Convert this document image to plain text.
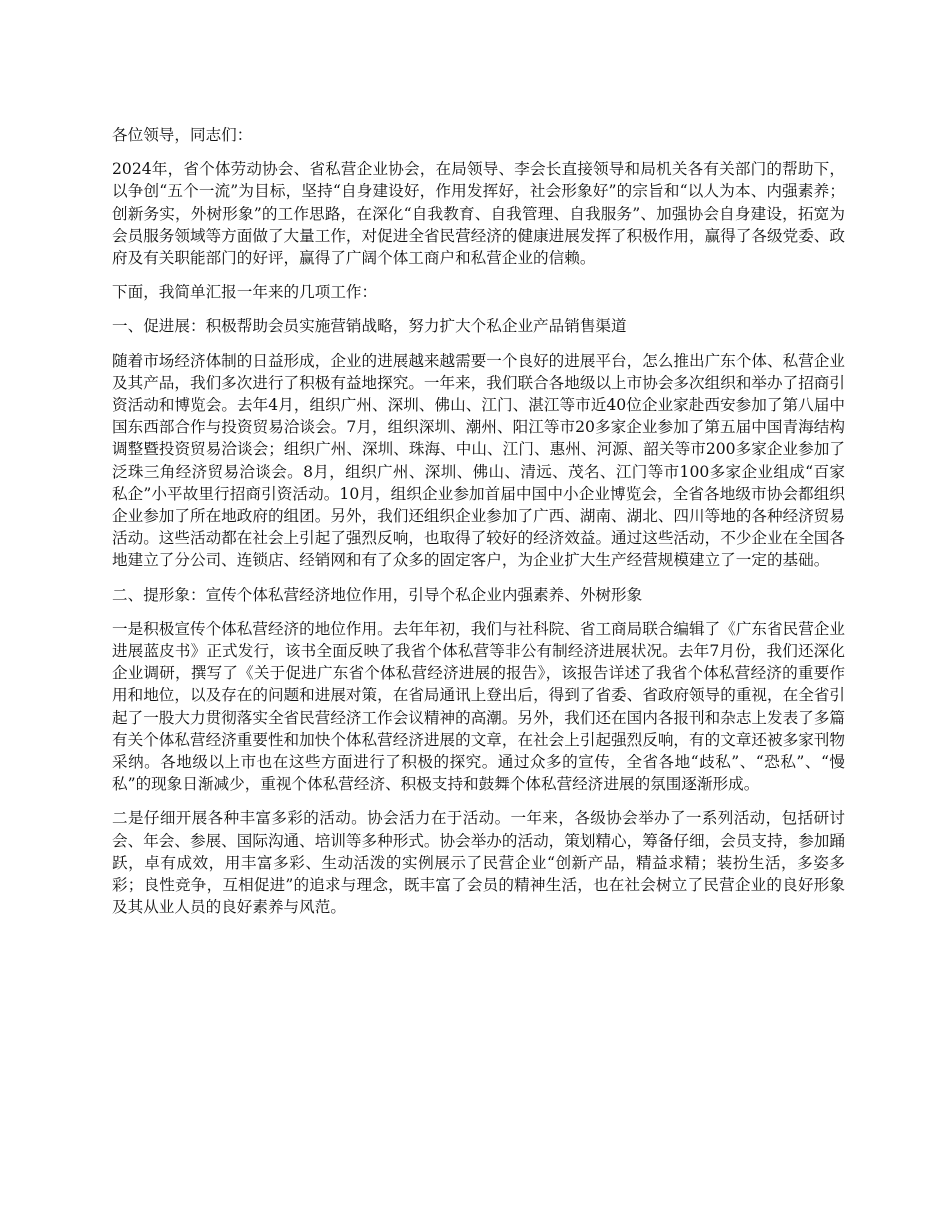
各位领导，同志们：

2024年，省个体劳动协会、省私营企业协会，在局领导、李会长直接领导和局机关各有关部门的帮助下，以争创“五个一流”为目标，坚持“自身建设好，作用发挥好，社会形象好”的宗旨和“以人为本、内强素养；创新务实，外树形象”的工作思路，在深化“自我教育、自我管理、自我服务”、加强协会自身建设，拓宽为会员服务领域等方面做了大量工作，对促进全省民营经济的健康进展发挥了积极作用，赢得了各级党委、政府及有关职能部门的好评，赢得了广阔个体工商户和私营企业的信赖。

下面，我简单汇报一年来的几项工作：

一、促进展：积极帮助会员实施营销战略，努力扩大个私企业产品销售渠道

随着市场经济体制的日益形成，企业的进展越来越需要一个良好的进展平台，怎么推出广东个体、私营企业及其产品，我们多次进行了积极有益地探究。一年来，我们联合各地级以上市协会多次组织和举办了招商引资活动和博览会。去年4月，组织广州、深圳、佛山、江门、湛江等市近40位企业家赴西安参加了第八届中国东西部合作与投资贸易洽谈会。7月，组织深圳、潮州、阳江等市20多家企业参加了第五届中国青海结构调整暨投资贸易洽谈会；组织广州、深圳、珠海、中山、江门、惠州、河源、韶关等市200多家企业参加了泛珠三角经济贸易洽谈会。8月，组织广州、深圳、佛山、清远、茂名、江门等市100多家企业组成“百家私企”小平故里行招商引资活动。10月，组织企业参加首届中国中小企业博览会，全省各地级市协会都组织企业参加了所在地政府的组团。另外，我们还组织企业参加了广西、湖南、湖北、四川等地的各种经济贸易活动。这些活动都在社会上引起了强烈反响，也取得了较好的经济效益。通过这些活动，不少企业在全国各地建立了分公司、连锁店、经销网和有了众多的固定客户，为企业扩大生产经营规模建立了一定的基础。

二、提形象：宣传个体私营经济地位作用，引导个私企业内强素养、外树形象

一是积极宣传个体私营经济的地位作用。去年年初，我们与社科院、省工商局联合编辑了《广东省民营企业进展蓝皮书》正式发行，该书全面反映了我省个体私营等非公有制经济进展状况。去年7月份，我们还深化企业调研，撰写了《关于促进广东省个体私营经济进展的报告》，该报告详述了我省个体私营经济的重要作用和地位，以及存在的问题和进展对策，在省局通讯上登出后，得到了省委、省政府领导的重视，在全省引起了一股大力贯彻落实全省民营经济工作会议精神的高潮。另外，我们还在国内各报刊和杂志上发表了多篇有关个体私营经济重要性和加快个体私营经济进展的文章，在社会上引起强烈反响，有的文章还被多家刊物采纳。各地级以上市也在这些方面进行了积极的探究。通过众多的宣传，全省各地“歧私”、“恐私”、“慢私”的现象日渐减少，重视个体私营经济、积极支持和鼓舞个体私营经济进展的氛围逐渐形成。

二是仔细开展各种丰富多彩的活动。协会活力在于活动。一年来，各级协会举办了一系列活动，包括研讨会、年会、参展、国际沟通、培训等多种形式。协会举办的活动，策划精心，筹备仔细，会员支持，参加踊跃，卓有成效，用丰富多彩、生动活泼的实例展示了民营企业“创新产品，精益求精；装扮生活，多姿多彩；良性竞争，互相促进”的追求与理念，既丰富了会员的精神生活，也在社会树立了民营企业的良好形象及其从业人员的良好素养与风范。
